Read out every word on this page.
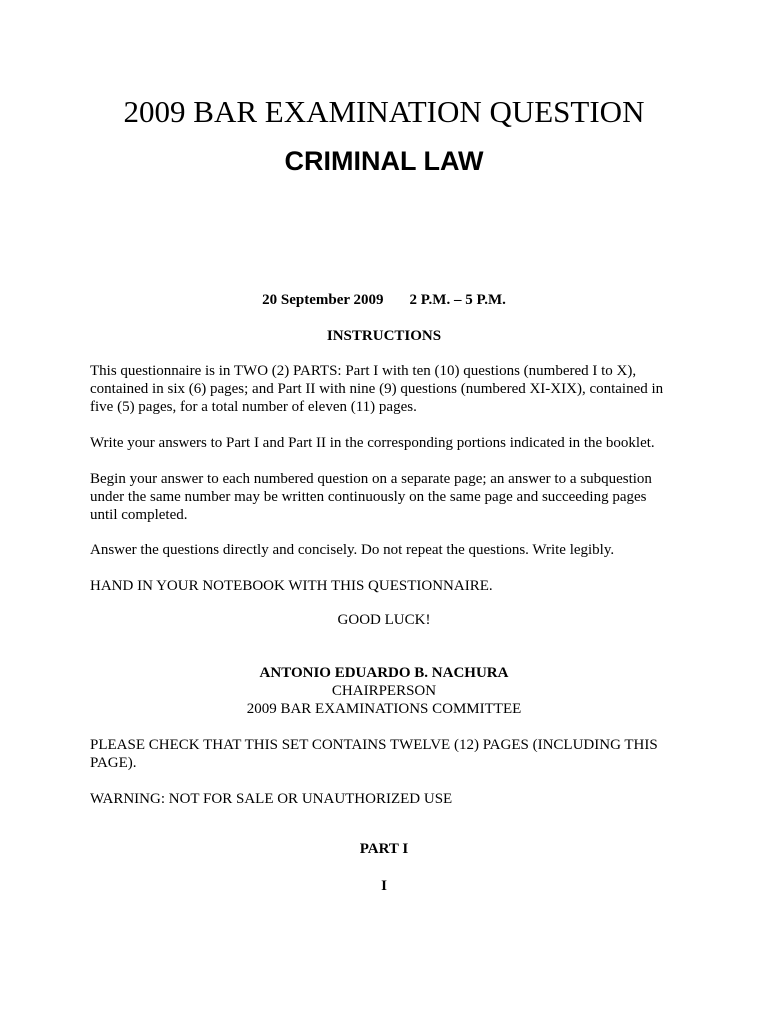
2009 BAR EXAMINATION QUESTION
CRIMINAL LAW

20 September 2009 2 P.M. – 5 P.M.

INSTRUCTIONS

This questionnaire is in TWO (2) PARTS: Part I with ten (10) questions (numbered I to X),
contained in six (6) pages; and Part II with nine (9) questions (numbered XI-XIX), contained in
five (5) pages, for a total number of eleven (11) pages.

Write your answers to Part I and Part II in the corresponding portions indicated in the booklet.

Begin your answer to each numbered question on a separate page; an answer to a subquestion
under the same number may be written continuously on the same page and succeeding pages
until completed.

Answer the questions directly and concisely. Do not repeat the questions. Write legibly.

HAND IN YOUR NOTEBOOK WITH THIS QUESTIONNAIRE.

GOOD LUCK!

ANTONIO EDUARDO B. NACHURA

CHAIRPERSON

2009 BAR EXAMINATIONS COMMITTEE

PLEASE CHECK THAT THIS SET CONTAINS TWELVE (12) PAGES (INCLUDING THIS
PAGE).

WARNING: NOT FOR SALE OR UNAUTHORIZED USE

PART I

I
